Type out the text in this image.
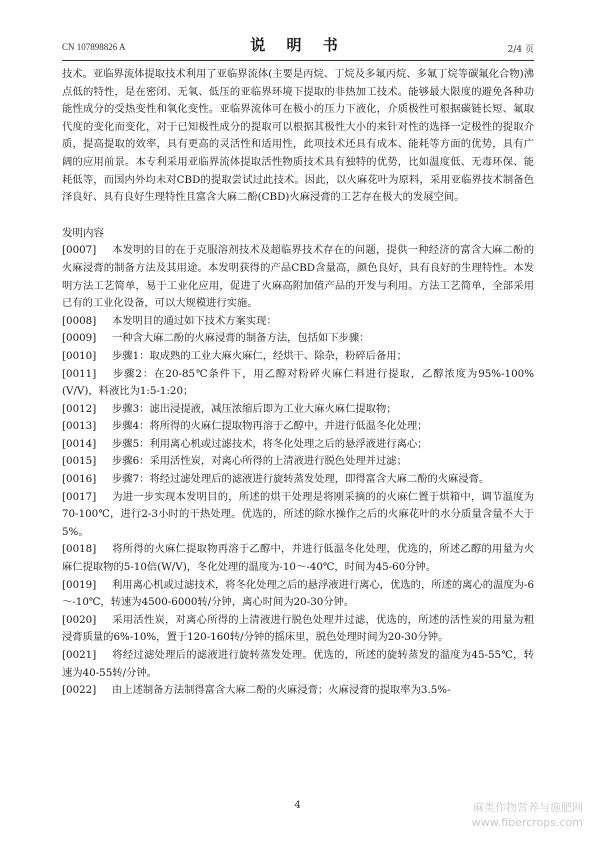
CN 107898826 A	说 明 书	2/4 页

技术。亚临界流体提取技术利用了亚临界流体(主要是丙烷、丁烷及多氟丙烷、多氟丁烷等碳氟化合物)沸点低的特性，是在密闭、无氧、低压的亚临界环境下提取的非热加工技术。能够最大限度的避免各种功能性成分的受热变性和氧化变性。亚临界流体可在极小的压力下液化，介质极性可根据碳链长短、氟取代度的变化而变化，对于已知极性成分的提取可以根据其极性大小的来针对性的选择一定极性的提取介质，提高提取的效率，具有更高的灵活性和适用性，此项技术还具有成本、能耗等方面的优势，具有广阔的应用前景。本专利采用亚临界流体提取活性物质技术具有独特的优势，比如温度低、无毒环保、能耗低等，而国内外均未对CBD的提取尝试过此技术。因此，以火麻花叶为原料，采用亚临界技术制备色泽良好、具有良好生理特性且富含大麻二酚(CBD)火麻浸膏的工艺存在极大的发展空间。

发明内容

[0007] 本发明的目的在于克服溶剂技术及超临界技术存在的问题，提供一种经济的富含大麻二酚的火麻浸膏的制备方法及其用途。本发明获得的产品CBD含量高，颜色良好，具有良好的生理特性。本发明方法工艺简单，易于工业化应用，促进了火麻高附加值产品的开发与利用。方法工艺简单，全部采用已有的工业化设备，可以大规模进行实施。

[0008] 本发明目的通过如下技术方案实现：

[0009] 一种含大麻二酚的火麻浸膏的制备方法，包括如下步骤：

[0010] 步骤1：取成熟的工业大麻火麻仁，经烘干、除杂，粉碎后备用；

[0011] 步骤2：在20-85℃条件下，用乙醇对粉碎火麻仁料进行提取，乙醇浓度为95%-100%(V/V)，料液比为1:5-1:20；

[0012] 步骤3：滤出浸提液，减压浓缩后即为工业大麻火麻仁提取物；

[0013] 步骤4：将所得的火麻仁提取物再溶于乙醇中，并进行低温冬化处理；

[0014] 步骤5：利用离心机或过滤技术，将冬化处理之后的悬浮液进行离心；

[0015] 步骤6：采用活性炭，对离心所得的上清液进行脱色处理并过滤；

[0016] 步骤7：将经过滤处理后的滤液进行旋转蒸发处理，即得富含大麻二酚的火麻浸膏。

[0017] 为进一步实现本发明目的，所述的烘干处理是将刚采摘的的火麻仁置于烘箱中，调节温度为70-100℃，进行2-3小时的干热处理。优选的，所述的除水操作之后的火麻花叶的水分质量含量不大于5%。

[0018] 将所得的火麻仁提取物再溶于乙醇中，并进行低温冬化处理，优选的，所述乙醇的用量为火麻仁提取物的5-10倍(W/V)，冬化处理的温度为-10～-40℃，时间为45-60分钟。

[0019] 利用离心机或过滤技术，将冬化处理之后的悬浮液进行离心，优选的，所述的离心的温度为-6～-10℃，转速为4500-6000转/分钟，离心时间为20-30分钟。

[0020] 采用活性炭，对离心所得的上清液进行脱色处理并过滤，优选的，所述的活性炭的用量为粗浸膏质量的6%-10%，置于120-160转/分钟的摇床里，脱色处理时间为20-30分钟。

[0021] 将经过滤处理后的滤液进行旋转蒸发处理。优选的，所述的旋转蒸发的温度为45-55℃，转速为40-55转/分钟。

[0022] 由上述制备方法制得富含大麻二酚的火麻浸膏；火麻浸膏的提取率为3.5%-

4	麻类作物营养与施肥网
www.fibercrops.com
